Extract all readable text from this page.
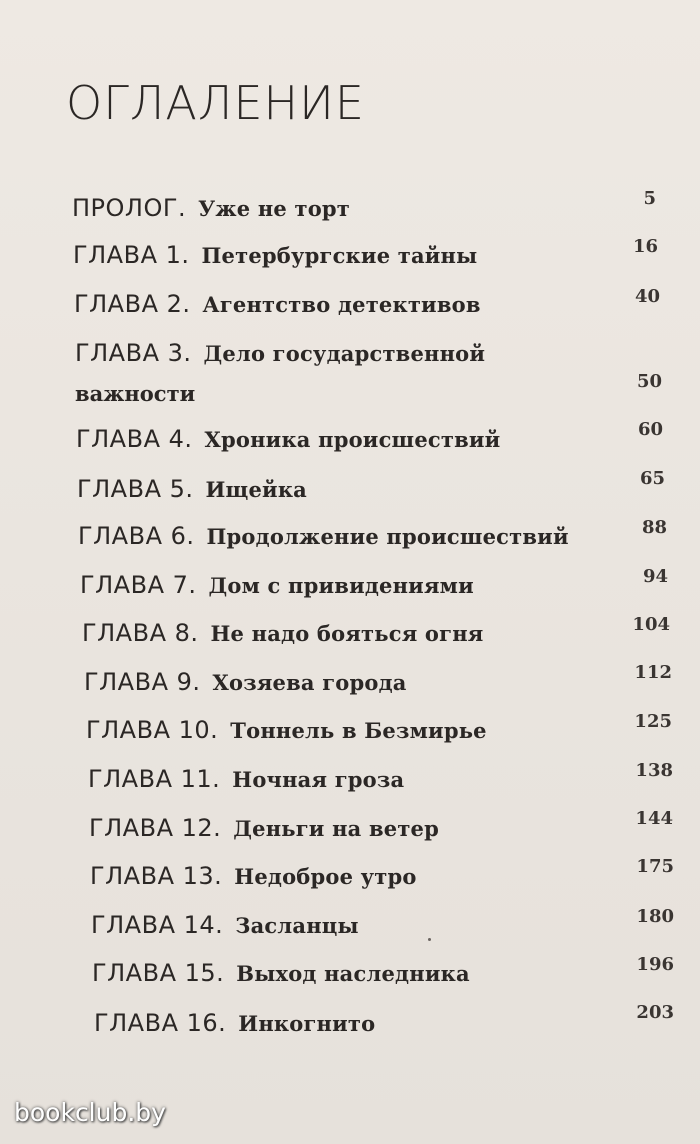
ОГЛАЛЕНИЕ
ПРОЛОГ. Уже не торт	5
ГЛАВА 1. Петербургские тайны	16
ГЛАВА 2. Агентство детективов	40
ГЛАВА 3. Дело государственной
важности	50
ГЛАВА 4. Хроника происшествий	60
ГЛАВА 5. Ищейка	65
ГЛАВА 6. Продолжение происшествий	88
ГЛАВА 7. Дом с привидениями	94
ГЛАВА 8. Не надо бояться огня	104
ГЛАВА 9. Хозяева города	112
ГЛАВА 10. Тоннель в Безмирье	125
ГЛАВА 11. Ночная гроза	138
ГЛАВА 12. Деньги на ветер	144
ГЛАВА 13. Недоброе утро	175
ГЛАВА 14. Засланцы	180
ГЛАВА 15. Выход наследника	196
ГЛАВА 16. Инкогнито	203
bookclub.by
